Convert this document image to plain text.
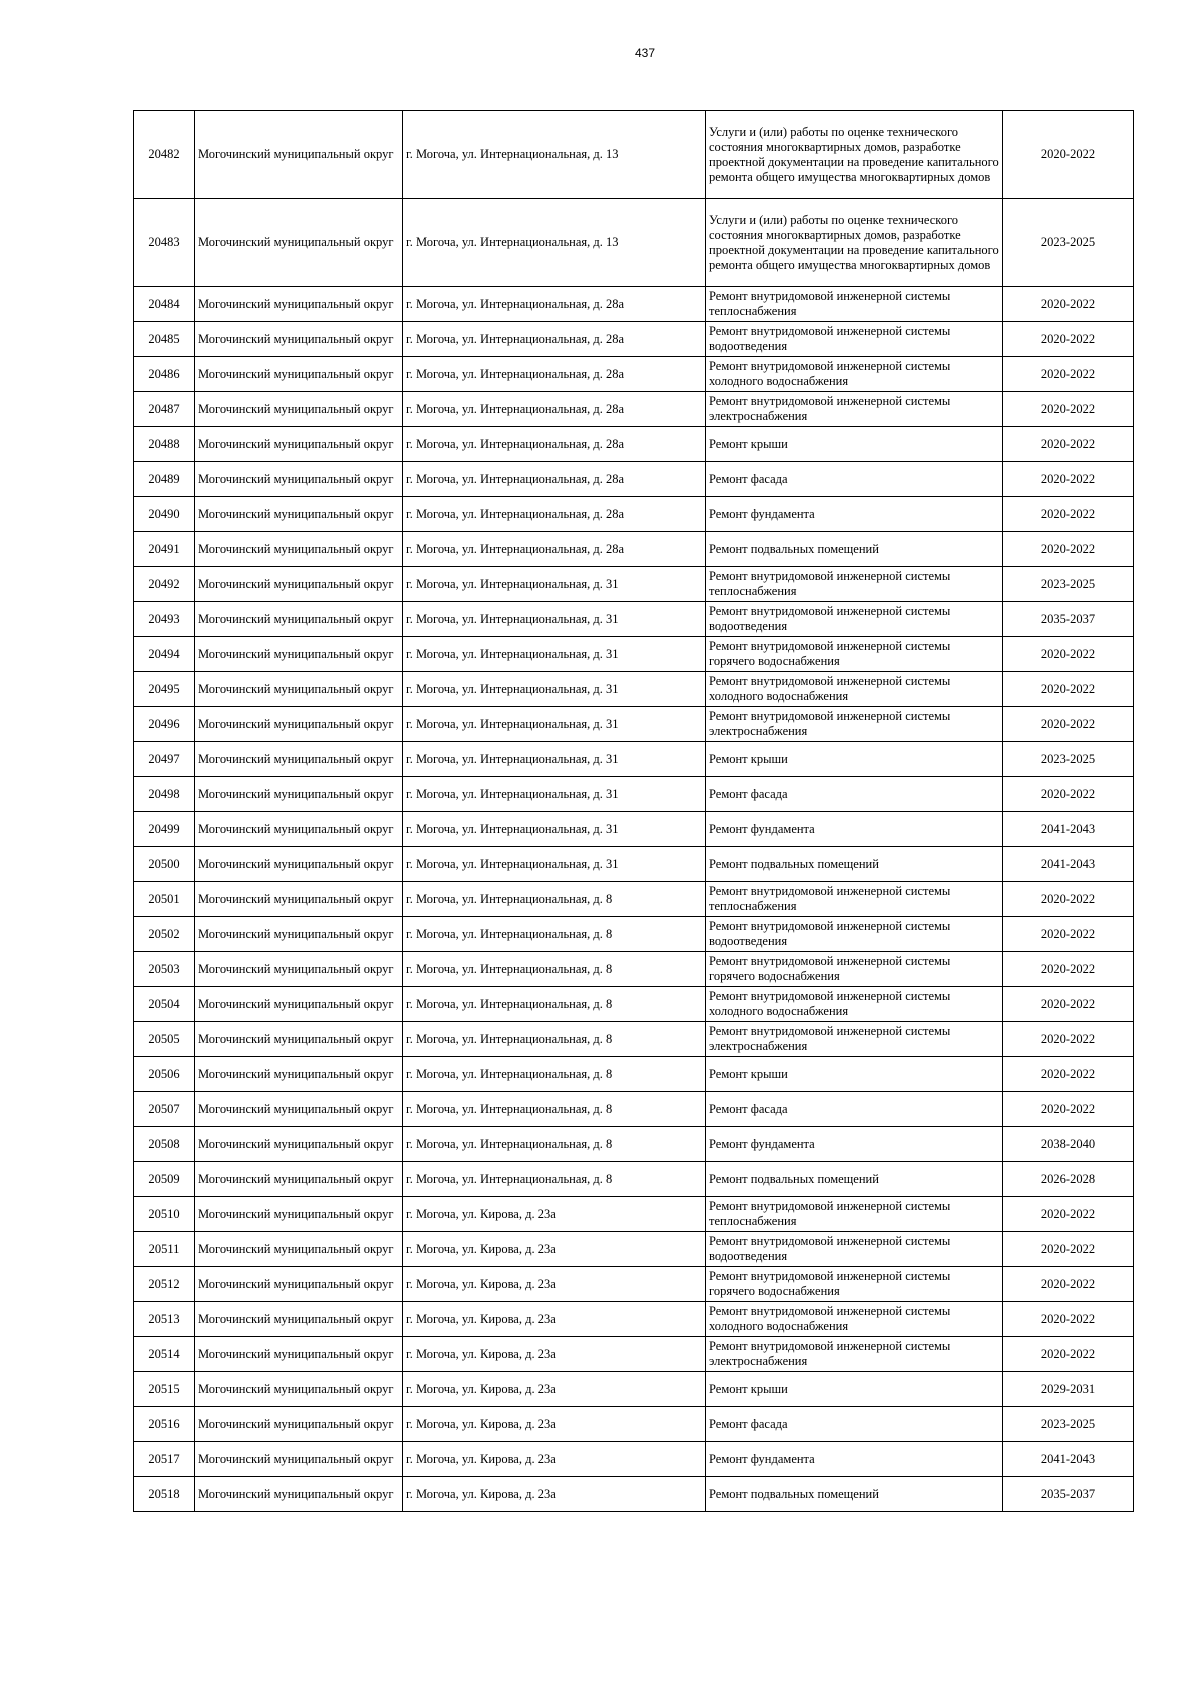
437
20482	Могочинский муниципальный округ	г. Могоча, ул. Интернациональная, д. 13	Услуги и (или) работы по оценке технического состояния многоквартирных домов, разработке проектной документации на проведение капитального ремонта общего имущества многоквартирных домов	2020-2022
20483	Могочинский муниципальный округ	г. Могоча, ул. Интернациональная, д. 13	Услуги и (или) работы по оценке технического состояния многоквартирных домов, разработке проектной документации на проведение капитального ремонта общего имущества многоквартирных домов	2023-2025
20484	Могочинский муниципальный округ	г. Могоча, ул. Интернациональная, д. 28а	Ремонт внутридомовой инженерной системы теплоснабжения	2020-2022
20485	Могочинский муниципальный округ	г. Могоча, ул. Интернациональная, д. 28а	Ремонт внутридомовой инженерной системы водоотведения	2020-2022
20486	Могочинский муниципальный округ	г. Могоча, ул. Интернациональная, д. 28а	Ремонт внутридомовой инженерной системы холодного водоснабжения	2020-2022
20487	Могочинский муниципальный округ	г. Могоча, ул. Интернациональная, д. 28а	Ремонт внутридомовой инженерной системы электроснабжения	2020-2022
20488	Могочинский муниципальный округ	г. Могоча, ул. Интернациональная, д. 28а	Ремонт крыши	2020-2022
20489	Могочинский муниципальный округ	г. Могоча, ул. Интернациональная, д. 28а	Ремонт фасада	2020-2022
20490	Могочинский муниципальный округ	г. Могоча, ул. Интернациональная, д. 28а	Ремонт фундамента	2020-2022
20491	Могочинский муниципальный округ	г. Могоча, ул. Интернациональная, д. 28а	Ремонт подвальных помещений	2020-2022
20492	Могочинский муниципальный округ	г. Могоча, ул. Интернациональная, д. 31	Ремонт внутридомовой инженерной системы теплоснабжения	2023-2025
20493	Могочинский муниципальный округ	г. Могоча, ул. Интернациональная, д. 31	Ремонт внутридомовой инженерной системы водоотведения	2035-2037
20494	Могочинский муниципальный округ	г. Могоча, ул. Интернациональная, д. 31	Ремонт внутридомовой инженерной системы горячего водоснабжения	2020-2022
20495	Могочинский муниципальный округ	г. Могоча, ул. Интернациональная, д. 31	Ремонт внутридомовой инженерной системы холодного водоснабжения	2020-2022
20496	Могочинский муниципальный округ	г. Могоча, ул. Интернациональная, д. 31	Ремонт внутридомовой инженерной системы электроснабжения	2020-2022
20497	Могочинский муниципальный округ	г. Могоча, ул. Интернациональная, д. 31	Ремонт крыши	2023-2025
20498	Могочинский муниципальный округ	г. Могоча, ул. Интернациональная, д. 31	Ремонт фасада	2020-2022
20499	Могочинский муниципальный округ	г. Могоча, ул. Интернациональная, д. 31	Ремонт фундамента	2041-2043
20500	Могочинский муниципальный округ	г. Могоча, ул. Интернациональная, д. 31	Ремонт подвальных помещений	2041-2043
20501	Могочинский муниципальный округ	г. Могоча, ул. Интернациональная, д. 8	Ремонт внутридомовой инженерной системы теплоснабжения	2020-2022
20502	Могочинский муниципальный округ	г. Могоча, ул. Интернациональная, д. 8	Ремонт внутридомовой инженерной системы водоотведения	2020-2022
20503	Могочинский муниципальный округ	г. Могоча, ул. Интернациональная, д. 8	Ремонт внутридомовой инженерной системы горячего водоснабжения	2020-2022
20504	Могочинский муниципальный округ	г. Могоча, ул. Интернациональная, д. 8	Ремонт внутридомовой инженерной системы холодного водоснабжения	2020-2022
20505	Могочинский муниципальный округ	г. Могоча, ул. Интернациональная, д. 8	Ремонт внутридомовой инженерной системы электроснабжения	2020-2022
20506	Могочинский муниципальный округ	г. Могоча, ул. Интернациональная, д. 8	Ремонт крыши	2020-2022
20507	Могочинский муниципальный округ	г. Могоча, ул. Интернациональная, д. 8	Ремонт фасада	2020-2022
20508	Могочинский муниципальный округ	г. Могоча, ул. Интернациональная, д. 8	Ремонт фундамента	2038-2040
20509	Могочинский муниципальный округ	г. Могоча, ул. Интернациональная, д. 8	Ремонт подвальных помещений	2026-2028
20510	Могочинский муниципальный округ	г. Могоча, ул. Кирова, д. 23а	Ремонт внутридомовой инженерной системы теплоснабжения	2020-2022
20511	Могочинский муниципальный округ	г. Могоча, ул. Кирова, д. 23а	Ремонт внутридомовой инженерной системы водоотведения	2020-2022
20512	Могочинский муниципальный округ	г. Могоча, ул. Кирова, д. 23а	Ремонт внутридомовой инженерной системы горячего водоснабжения	2020-2022
20513	Могочинский муниципальный округ	г. Могоча, ул. Кирова, д. 23а	Ремонт внутридомовой инженерной системы холодного водоснабжения	2020-2022
20514	Могочинский муниципальный округ	г. Могоча, ул. Кирова, д. 23а	Ремонт внутридомовой инженерной системы электроснабжения	2020-2022
20515	Могочинский муниципальный округ	г. Могоча, ул. Кирова, д. 23а	Ремонт крыши	2029-2031
20516	Могочинский муниципальный округ	г. Могоча, ул. Кирова, д. 23а	Ремонт фасада	2023-2025
20517	Могочинский муниципальный округ	г. Могоча, ул. Кирова, д. 23а	Ремонт фундамента	2041-2043
20518	Могочинский муниципальный округ	г. Могоча, ул. Кирова, д. 23а	Ремонт подвальных помещений	2035-2037
